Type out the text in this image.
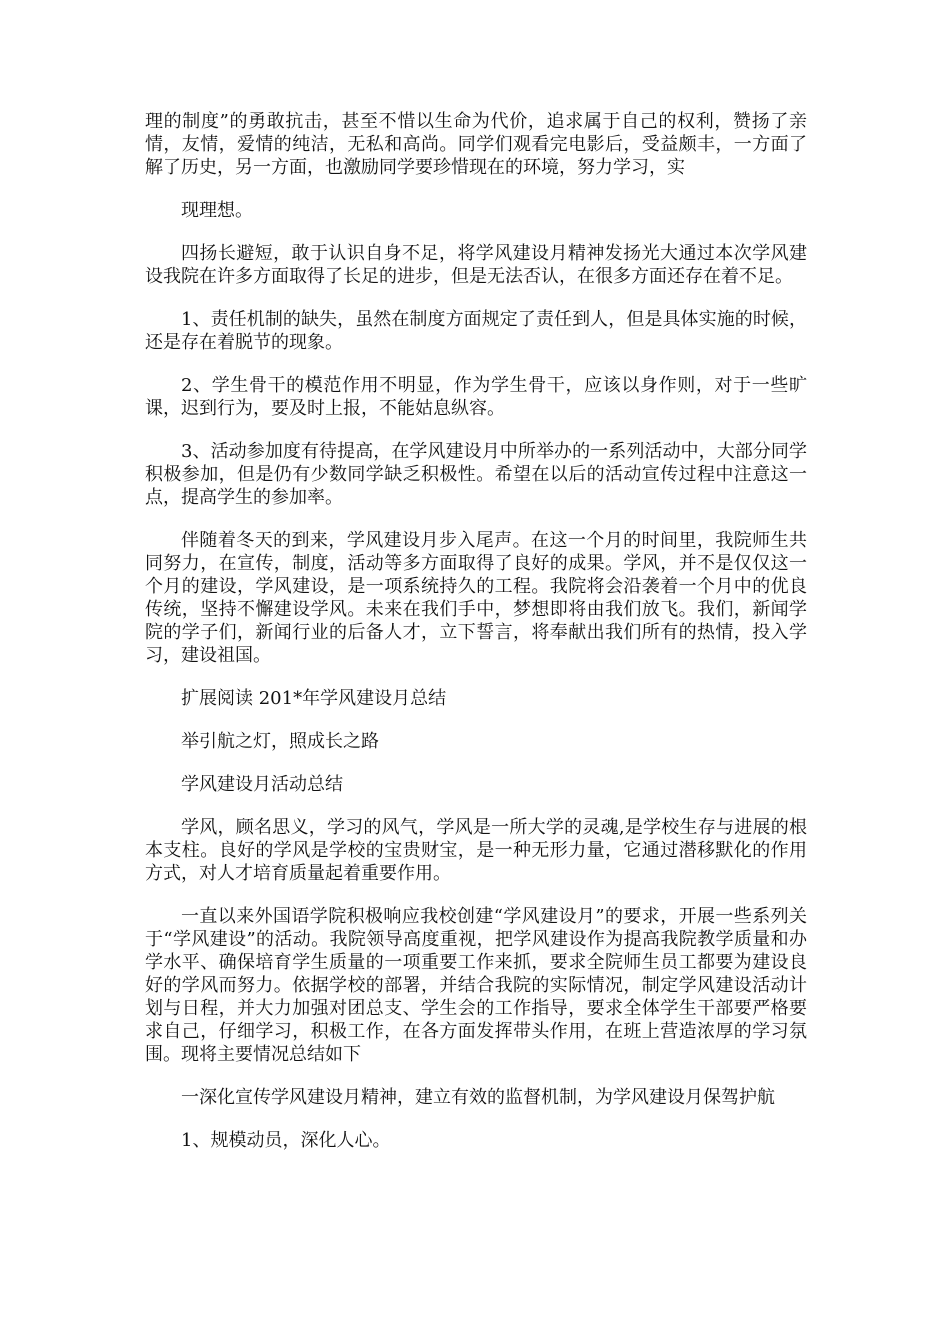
理的制度”的勇敢抗击，甚至不惜以生命为代价，追求属于自己的权利，赞扬了亲情，友情，爱情的纯洁，无私和高尚。同学们观看完电影后，受益颇丰，一方面了解了历史，另一方面，也激励同学要珍惜现在的环境，努力学习，实

现理想。

四扬长避短，敢于认识自身不足，将学风建设月精神发扬光大通过本次学风建设我院在许多方面取得了长足的进步，但是无法否认，在很多方面还存在着不足。

1、责任机制的缺失，虽然在制度方面规定了责任到人，但是具体实施的时候，还是存在着脱节的现象。

2、学生骨干的模范作用不明显，作为学生骨干，应该以身作则，对于一些旷课，迟到行为，要及时上报，不能姑息纵容。

3、活动参加度有待提高，在学风建设月中所举办的一系列活动中，大部分同学积极参加，但是仍有少数同学缺乏积极性。希望在以后的活动宣传过程中注意这一点，提高学生的参加率。

伴随着冬天的到来，学风建设月步入尾声。在这一个月的时间里，我院师生共同努力，在宣传，制度，活动等多方面取得了良好的成果。学风，并不是仅仅这一个月的建设，学风建设，是一项系统持久的工程。我院将会沿袭着一个月中的优良传统，坚持不懈建设学风。未来在我们手中，梦想即将由我们放飞。我们，新闻学院的学子们，新闻行业的后备人才，立下誓言，将奉献出我们所有的热情，投入学习，建设祖国。

扩展阅读 201*年学风建设月总结

举引航之灯，照成长之路

学风建设月活动总结

学风，顾名思义，学习的风气，学风是一所大学的灵魂,是学校生存与进展的根本支柱。良好的学风是学校的宝贵财宝，是一种无形力量，它通过潜移默化的作用方式，对人才培育质量起着重要作用。

一直以来外国语学院积极响应我校创建“学风建设月”的要求，开展一些系列关于“学风建设”的活动。我院领导高度重视，把学风建设作为提高我院教学质量和办学水平、确保培育学生质量的一项重要工作来抓，要求全院师生员工都要为建设良好的学风而努力。依据学校的部署，并结合我院的实际情况，制定学风建设活动计划与日程，并大力加强对团总支、学生会的工作指导，要求全体学生干部要严格要求自己，仔细学习，积极工作，在各方面发挥带头作用，在班上营造浓厚的学习氛围。现将主要情况总结如下

一深化宣传学风建设月精神，建立有效的监督机制，为学风建设月保驾护航

1、规模动员，深化人心。
